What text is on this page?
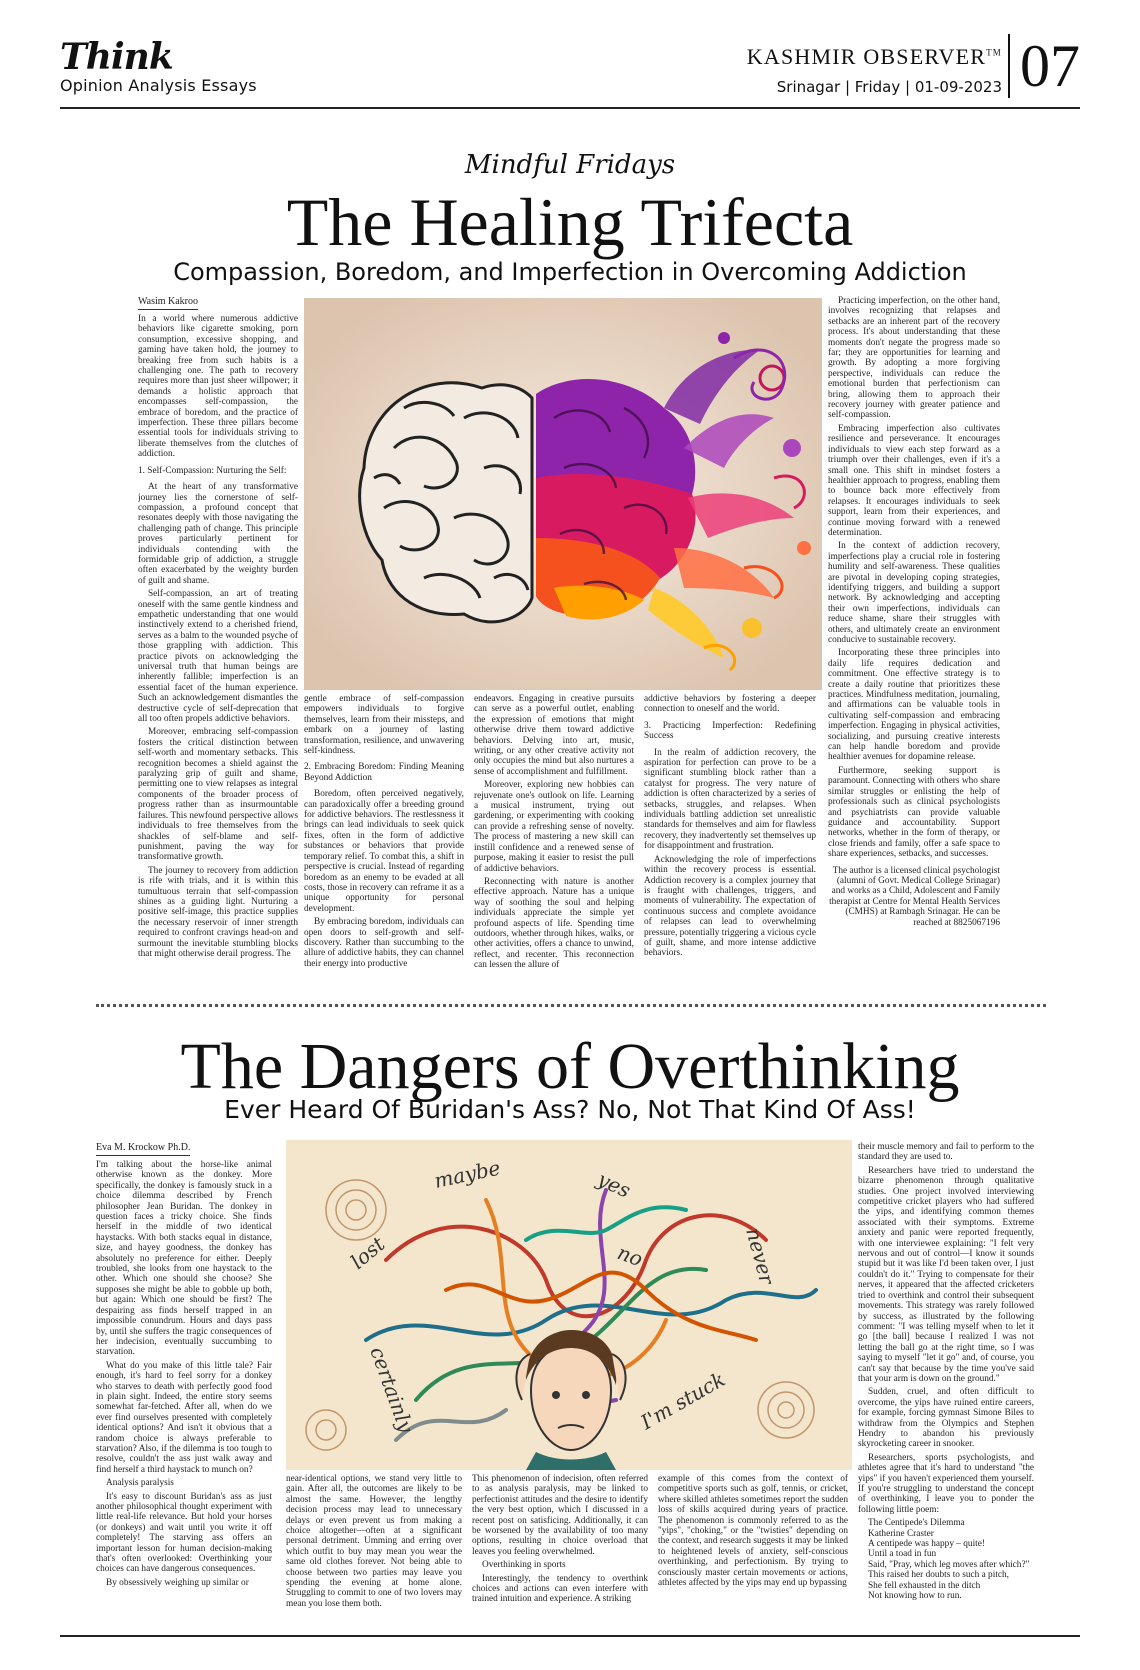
Think
Opinion Analysis Essays
KASHMIR OBSERVER™
Srinagar | Friday | 01-09-2023 07
Mindful Fridays
The Healing Trifecta
Compassion, Boredom, and Imperfection in Overcoming Addiction
Wasim Kakroo

In a world where numerous addictive behaviors like cigarette smoking, porn consumption, excessive shopping, and gaming have taken hold, the journey to breaking free from such habits is a challenging one. The path to recovery requires more than just sheer willpower; it demands a holistic approach that encompasses self-compassion, the embrace of boredom, and the practice of imperfection. These three pillars become essential tools for individuals striving to liberate themselves from the clutches of addiction.

1. Self-Compassion: Nurturing the Self:

At the heart of any transformative journey lies the cornerstone of self-compassion, a profound concept that resonates deeply with those navigating the challenging path of change. This principle proves particularly pertinent for individuals contending with the formidable grip of addiction, a struggle often exacerbated by the weighty burden of guilt and shame.

Self-compassion, an art of treating oneself with the same gentle kindness and empathetic understanding that one would instinctively extend to a cherished friend, serves as a balm to the wounded psyche of those grappling with addiction. This practice pivots on acknowledging the universal truth that human beings are inherently fallible; imperfection is an essential facet of the human experience. Such an acknowledgement dismantles the destructive cycle of self-deprecation that all too often propels addictive behaviors.

Moreover, embracing self-compassion fosters the critical distinction between self-worth and momentary setbacks. This recognition becomes a shield against the paralyzing grip of guilt and shame, permitting one to view relapses as integral components of the broader process of progress rather than as insurmountable failures. This newfound perspective allows individuals to free themselves from the shackles of self-blame and self-punishment, paving the way for transformative growth.

The journey to recovery from addiction is rife with trials, and it is within this tumultuous terrain that self-compassion shines as a guiding light. Nurturing a positive self-image, this practice supplies the necessary reservoir of inner strength required to confront cravings head-on and surmount the inevitable stumbling blocks that might otherwise derail progress. The

gentle embrace of self-compassion empowers individuals to forgive themselves, learn from their missteps, and embark on a journey of lasting transformation, resilience, and unwavering self-kindness.

2. Embracing Boredom: Finding Meaning Beyond Addiction

Boredom, often perceived negatively, can paradoxically offer a breeding ground for addictive behaviors. The restlessness it brings can lead individuals to seek quick fixes, often in the form of addictive substances or behaviors that provide temporary relief. To combat this, a shift in perspective is crucial. Instead of regarding boredom as an enemy to be evaded at all costs, those in recovery can reframe it as a unique opportunity for personal development.

By embracing boredom, individuals can open doors to self-growth and self-discovery. Rather than succumbing to the allure of addictive habits, they can channel their energy into productive

endeavors. Engaging in creative pursuits can serve as a powerful outlet, enabling the expression of emotions that might otherwise drive them toward addictive behaviors. Delving into art, music, writing, or any other creative activity not only occupies the mind but also nurtures a sense of accomplishment and fulfillment.

Moreover, exploring new hobbies can rejuvenate one's outlook on life. Learning a musical instrument, trying out gardening, or experimenting with cooking can provide a refreshing sense of novelty. The process of mastering a new skill can instill confidence and a renewed sense of purpose, making it easier to resist the pull of addictive behaviors.

Reconnecting with nature is another effective approach. Nature has a unique way of soothing the soul and helping individuals appreciate the simple yet profound aspects of life. Spending time outdoors, whether through hikes, walks, or other activities, offers a chance to unwind, reflect, and recenter. This reconnection can lessen the allure of

addictive behaviors by fostering a deeper connection to oneself and the world.

3. Practicing Imperfection: Redefining Success

In the realm of addiction recovery, the aspiration for perfection can prove to be a significant stumbling block rather than a catalyst for progress. The very nature of addiction is often characterized by a series of setbacks, struggles, and relapses. When individuals battling addiction set unrealistic standards for themselves and aim for flawless recovery, they inadvertently set themselves up for disappointment and frustration.

Acknowledging the role of imperfections within the recovery process is essential. Addiction recovery is a complex journey that is fraught with challenges, triggers, and moments of vulnerability. The expectation of continuous success and complete avoidance of relapses can lead to overwhelming pressure, potentially triggering a vicious cycle of guilt, shame, and more intense addictive behaviors.

Practicing imperfection, on the other hand, involves recognizing that relapses and setbacks are an inherent part of the recovery process. It's about understanding that these moments don't negate the progress made so far; they are opportunities for learning and growth. By adopting a more forgiving perspective, individuals can reduce the emotional burden that perfectionism can bring, allowing them to approach their recovery journey with greater patience and self-compassion.

Embracing imperfection also cultivates resilience and perseverance. It encourages individuals to view each step forward as a triumph over their challenges, even if it's a small one. This shift in mindset fosters a healthier approach to progress, enabling them to bounce back more effectively from relapses. It encourages individuals to seek support, learn from their experiences, and continue moving forward with a renewed determination.

In the context of addiction recovery, imperfections play a crucial role in fostering humility and self-awareness. These qualities are pivotal in developing coping strategies, identifying triggers, and building a support network. By acknowledging and accepting their own imperfections, individuals can reduce shame, share their struggles with others, and ultimately create an environment conducive to sustainable recovery.

Incorporating these three principles into daily life requires dedication and commitment. One effective strategy is to create a daily routine that prioritizes these practices. Mindfulness meditation, journaling, and affirmations can be valuable tools in cultivating self-compassion and embracing imperfection. Engaging in physical activities, socializing, and pursuing creative interests can help handle boredom and provide healthier avenues for dopamine release.

Furthermore, seeking support is paramount. Connecting with others who share similar struggles or enlisting the help of professionals such as clinical psychologists and psychiatrists can provide valuable guidance and accountability. Support networks, whether in the form of therapy, or close friends and family, offer a safe space to share experiences, setbacks, and successes.

The author is a licensed clinical psychologist (alumni of Govt. Medical College Srinagar) and works as a Child, Adolescent and Family therapist at Centre for Mental Health Services (CMHS) at Rambagh Srinagar. He can be reached at 8825067196

The Dangers of Overthinking
Ever Heard Of Buridan's Ass? No, Not That Kind Of Ass!
Eva M. Krockow Ph.D.

I'm talking about the horse-like animal otherwise known as the donkey. More specifically, the donkey is famously stuck in a choice dilemma described by French philosopher Jean Buridan. The donkey in question faces a tricky choice. She finds herself in the middle of two identical haystacks. With both stacks equal in distance, size, and hayey goodness, the donkey has absolutely no preference for either. Deeply troubled, she looks from one haystack to the other. Which one should she choose? She supposes she might be able to gobble up both, but again: Which one should be first? The despairing ass finds herself trapped in an impossible conundrum. Hours and days pass by, until she suffers the tragic consequences of her indecision, eventually succumbing to starvation.

What do you make of this little tale? Fair enough, it's hard to feel sorry for a donkey who starves to death with perfectly good food in plain sight. Indeed, the entire story seems somewhat far-fetched. After all, when do we ever find ourselves presented with completely identical options? And isn't it obvious that a random choice is always preferable to starvation? Also, if the dilemma is too tough to resolve, couldn't the ass just walk away and find herself a third haystack to munch on?

Analysis paralysis

It's easy to discount Buridan's ass as just another philosophical thought experiment with little real-life relevance. But hold your horses (or donkeys) and wait until you write it off completely! The starving ass offers an important lesson for human decision-making that's often overlooked: Overthinking your choices can have dangerous consequences.

By obsessively weighing up similar or

maybe	yes
lost	no	never
certainly	I'm stuck

near-identical options, we stand very little to gain. After all, the outcomes are likely to be almost the same. However, the lengthy decision process may lead to unnecessary delays or even prevent us from making a choice altogether—often at a significant personal detriment. Umming and erring over which outfit to buy may mean you wear the same old clothes forever. Not being able to choose between two parties may leave you spending the evening at home alone. Struggling to commit to one of two lovers may mean you lose them both.

This phenomenon of indecision, often referred to as analysis paralysis, may be linked to perfectionist attitudes and the desire to identify the very best option, which I discussed in a recent post on satisficing. Additionally, it can be worsened by the availability of too many options, resulting in choice overload that leaves you feeling overwhelmed.

Overthinking in sports

Interestingly, the tendency to overthink choices and actions can even interfere with trained intuition and experience. A striking

example of this comes from the context of competitive sports such as golf, tennis, or cricket, where skilled athletes sometimes report the sudden loss of skills acquired during years of practice. The phenomenon is commonly referred to as the "yips", "choking," or the "twisties" depending on the context, and research suggests it may be linked to heightened levels of anxiety, self-conscious overthinking, and perfectionism. By trying to consciously master certain movements or actions, athletes affected by the yips may end up bypassing

their muscle memory and fail to perform to the standard they are used to.

Researchers have tried to understand the bizarre phenomenon through qualitative studies. One project involved interviewing competitive cricket players who had suffered the yips, and identifying common themes associated with their symptoms. Extreme anxiety and panic were reported frequently, with one interviewee explaining: "I felt very nervous and out of control—I know it sounds stupid but it was like I'd been taken over, I just couldn't do it." Trying to compensate for their nerves, it appeared that the affected cricketers tried to overthink and control their subsequent movements. This strategy was rarely followed by success, as illustrated by the following comment: "I was telling myself when to let it go [the ball] because I realized I was not letting the ball go at the right time, so I was saying to myself "let it go" and, of course, you can't say that because by the time you've said that your arm is down on the ground."

Sudden, cruel, and often difficult to overcome, the yips have ruined entire careers, for example, forcing gymnast Simone Biles to withdraw from the Olympics and Stephen Hendry to abandon his previously skyrocketing career in snooker.

Researchers, sports psychologists, and athletes agree that it's hard to understand "the yips" if you haven't experienced them yourself. If you're struggling to understand the concept of overthinking, I leave you to ponder the following little poem:

The Centipede's Dilemma

Katherine Craster

A centipede was happy – quite!

Until a toad in fun

Said, "Pray, which leg moves after which?"

This raised her doubts to such a pitch,

She fell exhausted in the ditch

Not knowing how to run.
